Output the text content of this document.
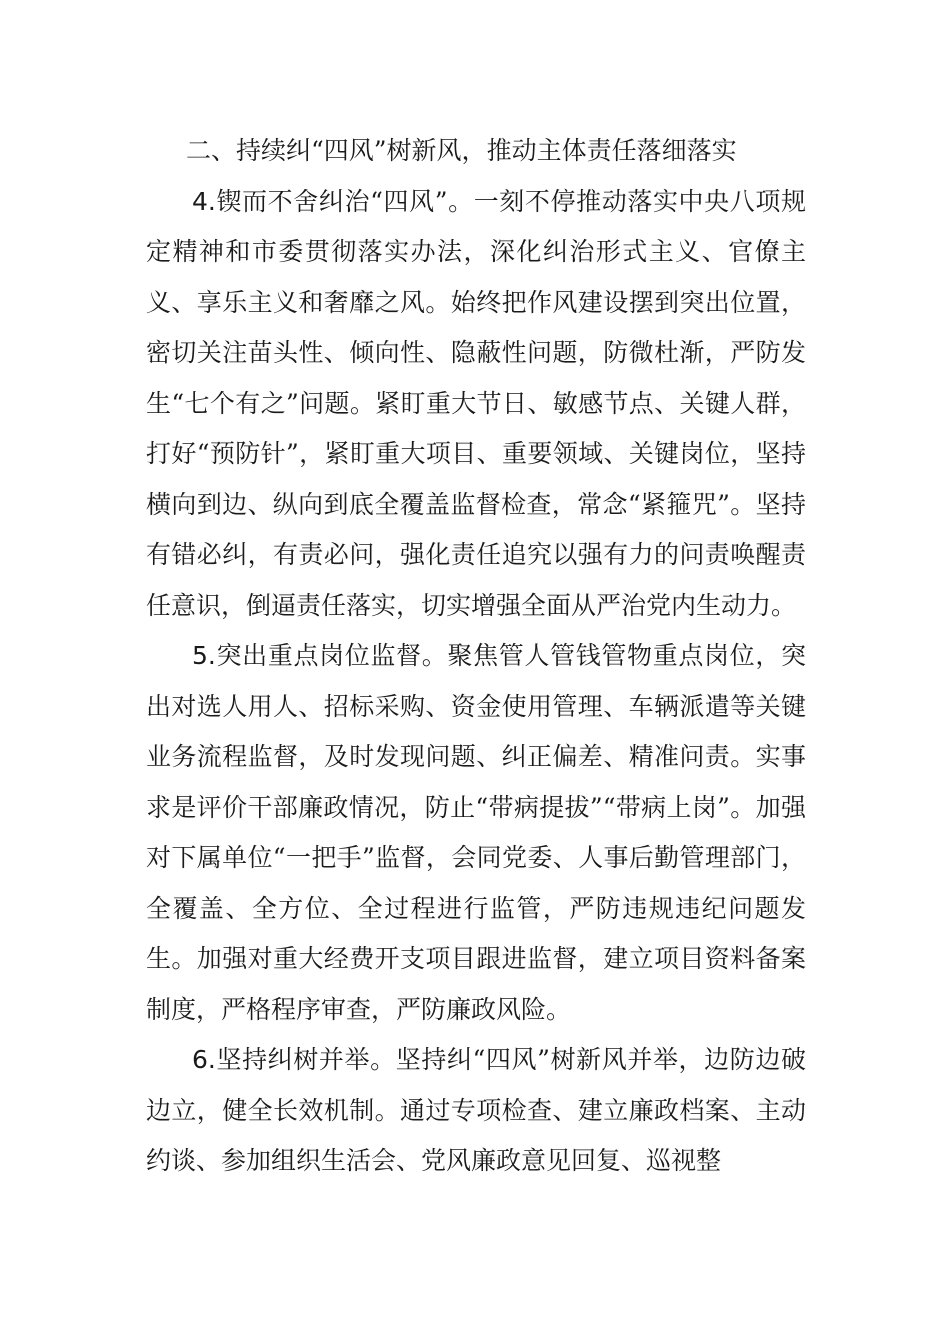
二、持续纠“四风”树新风，推动主体责任落细落实

4.锲而不舍纠治“四风”。一刻不停推动落实中央八项规定精神和市委贯彻落实办法，深化纠治形式主义、官僚主义、享乐主义和奢靡之风。始终把作风建设摆到突出位置，密切关注苗头性、倾向性、隐蔽性问题，防微杜渐，严防发生“七个有之”问题。紧盯重大节日、敏感节点、关键人群，打好“预防针”，紧盯重大项目、重要领域、关键岗位，坚持横向到边、纵向到底全覆盖监督检查，常念“紧箍咒”。坚持有错必纠，有责必问，强化责任追究以强有力的问责唤醒责任意识，倒逼责任落实，切实增强全面从严治党内生动力。

5.突出重点岗位监督。聚焦管人管钱管物重点岗位，突出对选人用人、招标采购、资金使用管理、车辆派遣等关键业务流程监督，及时发现问题、纠正偏差、精准问责。实事求是评价干部廉政情况，防止“带病提拔”“带病上岗”。加强对下属单位“一把手”监督，会同党委、人事后勤管理部门，全覆盖、全方位、全过程进行监管，严防违规违纪问题发生。加强对重大经费开支项目跟进监督，建立项目资料备案制度，严格程序审查，严防廉政风险。

6.坚持纠树并举。坚持纠“四风”树新风并举，边防边破边立，健全长效机制。通过专项检查、建立廉政档案、主动约谈、参加组织生活会、党风廉政意见回复、巡视整
